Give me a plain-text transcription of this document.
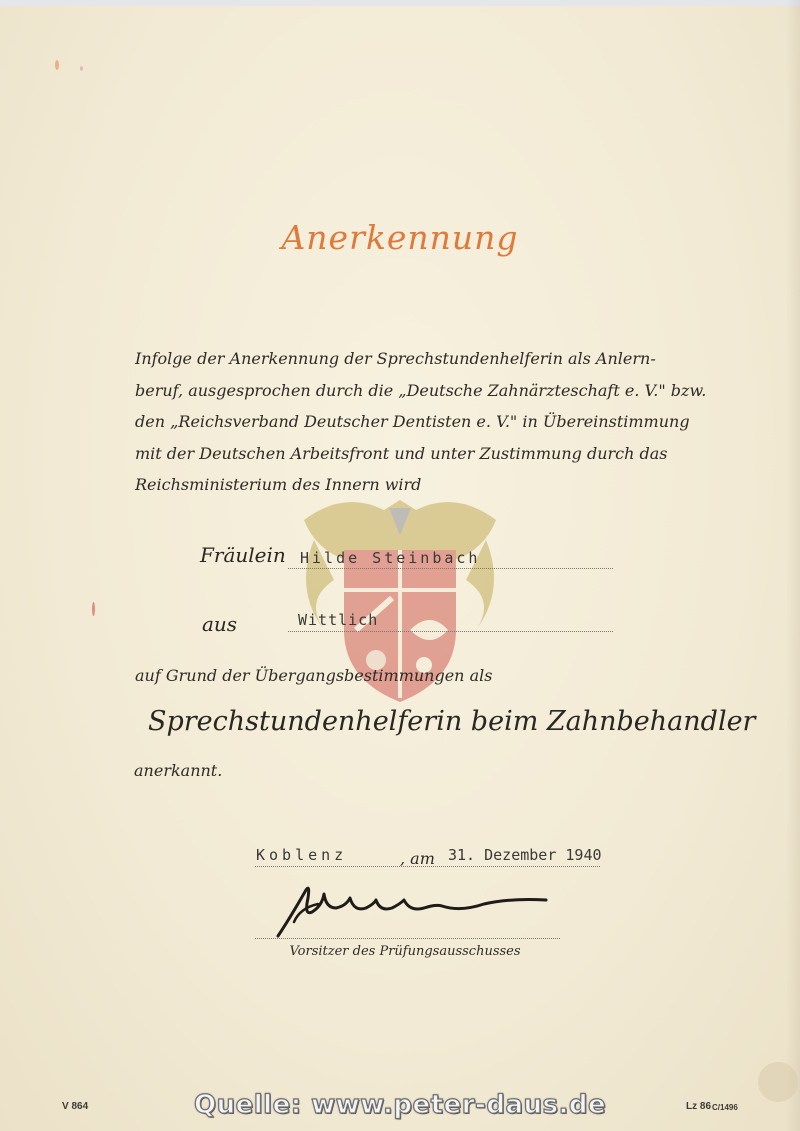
Anerkennung
Infolge der Anerkennung der Sprechstundenhelferin als Anlern-
beruf, ausgesprochen durch die „Deutsche Zahnärzteschaft e. V." bzw.
den „Reichsverband Deutscher Dentisten e. V." in Übereinstimmung
mit der Deutschen Arbeitsfront und unter Zustimmung durch das
Reichsministerium des Innern wird
Fräulein Hilde Steinbach
aus	Wittlich
auf Grund der Übergangsbestimmungen als
Sprechstundenhelferin beim Zahnbehandler
anerkannt.
Koblenz	, am 31. Dezember 1940
Vorsitzer des Prüfungsausschusses
V 864	Lz 86 C/1496
Quelle: www.peter-daus.de
